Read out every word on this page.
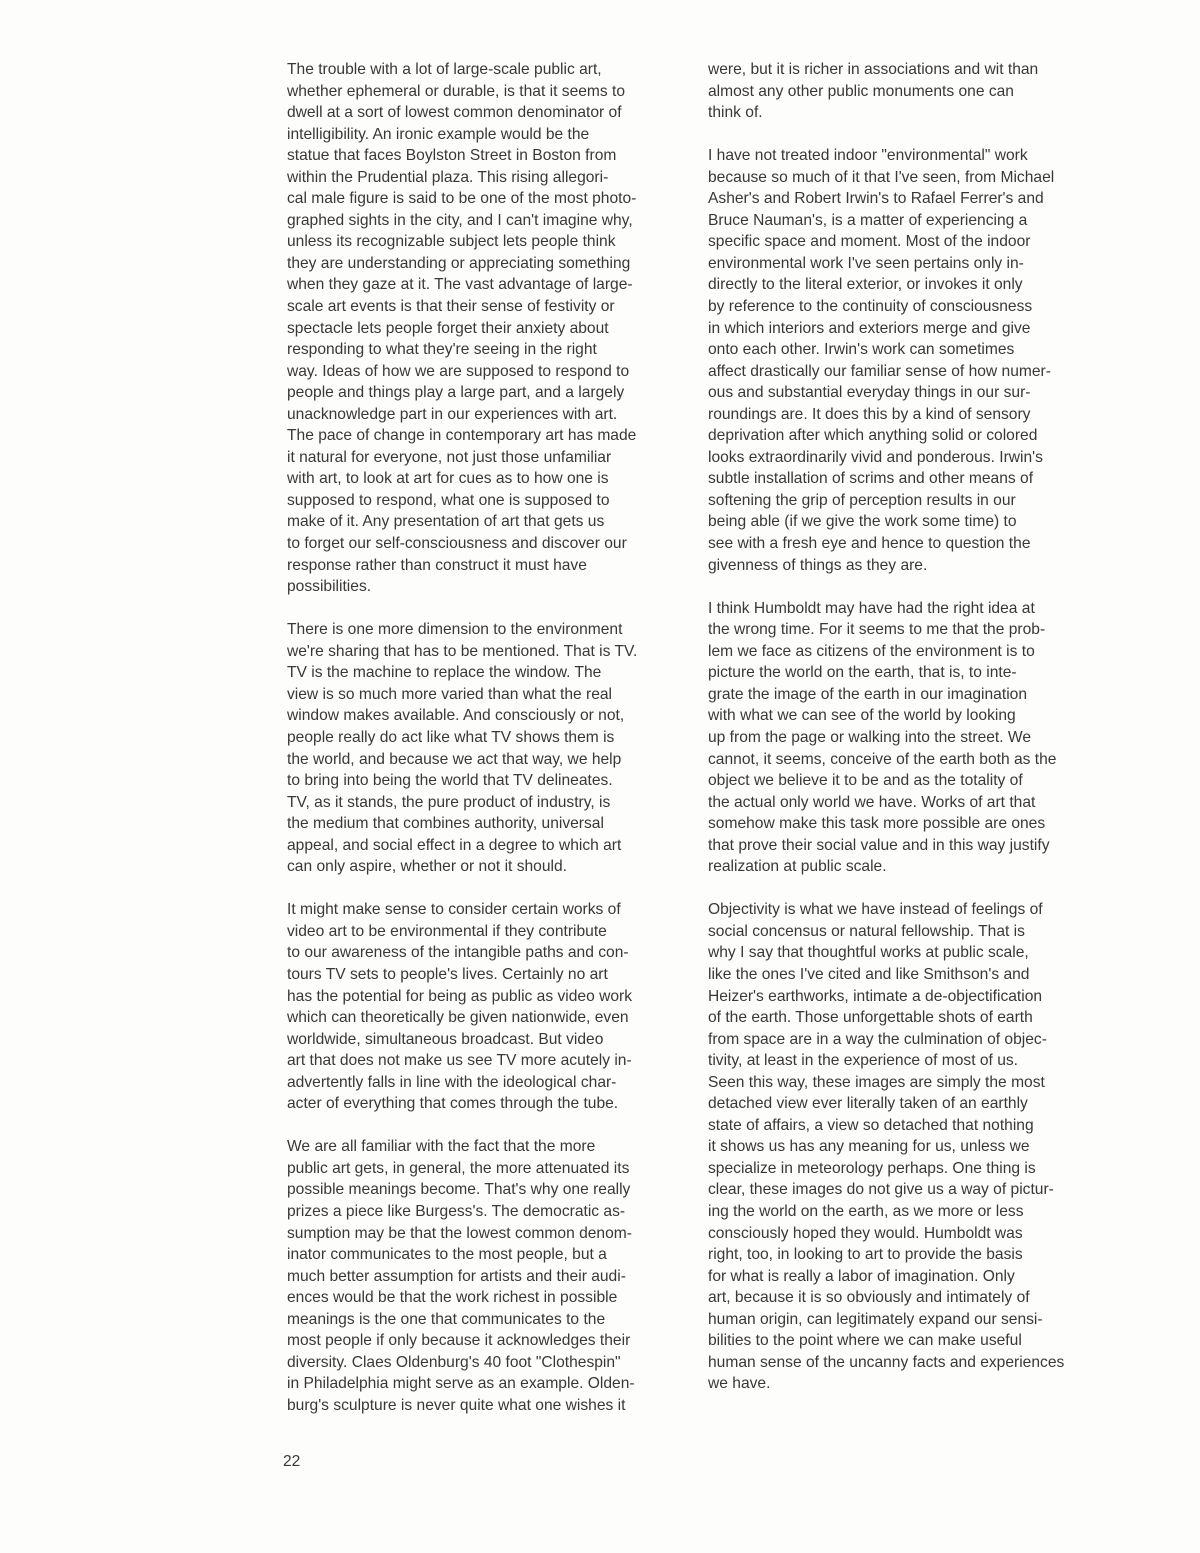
The trouble with a lot of large-scale public art,
whether ephemeral or durable, is that it seems to
dwell at a sort of lowest common denominator of
intelligibility. An ironic example would be the
statue that faces Boylston Street in Boston from
within the Prudential plaza. This rising allegori-
cal male figure is said to be one of the most photo-
graphed sights in the city, and I can't imagine why,
unless its recognizable subject lets people think
they are understanding or appreciating something
when they gaze at it. The vast advantage of large-
scale art events is that their sense of festivity or
spectacle lets people forget their anxiety about
responding to what they're seeing in the right
way. Ideas of how we are supposed to respond to
people and things play a large part, and a largely
unacknowledge part in our experiences with art.
The pace of change in contemporary art has made
it natural for everyone, not just those unfamiliar
with art, to look at art for cues as to how one is
supposed to respond, what one is supposed to
make of it. Any presentation of art that gets us
to forget our self-consciousness and discover our
response rather than construct it must have
possibilities.
There is one more dimension to the environment
we're sharing that has to be mentioned. That is TV.
TV is the machine to replace the window. The
view is so much more varied than what the real
window makes available. And consciously or not,
people really do act like what TV shows them is
the world, and because we act that way, we help
to bring into being the world that TV delineates.
TV, as it stands, the pure product of industry, is
the medium that combines authority, universal
appeal, and social effect in a degree to which art
can only aspire, whether or not it should.
It might make sense to consider certain works of
video art to be environmental if they contribute
to our awareness of the intangible paths and con-
tours TV sets to people's lives. Certainly no art
has the potential for being as public as video work
which can theoretically be given nationwide, even
worldwide, simultaneous broadcast. But video
art that does not make us see TV more acutely in-
advertently falls in line with the ideological char-
acter of everything that comes through the tube.
We are all familiar with the fact that the more
public art gets, in general, the more attenuated its
possible meanings become. That's why one really
prizes a piece like Burgess's. The democratic as-
sumption may be that the lowest common denom-
inator communicates to the most people, but a
much better assumption for artists and their audi-
ences would be that the work richest in possible
meanings is the one that communicates to the
most people if only because it acknowledges their
diversity. Claes Oldenburg's 40 foot "Clothespin"
in Philadelphia might serve as an example. Olden-
burg's sculpture is never quite what one wishes it
were, but it is richer in associations and wit than
almost any other public monuments one can
think of.
I have not treated indoor "environmental" work
because so much of it that I've seen, from Michael
Asher's and Robert Irwin's to Rafael Ferrer's and
Bruce Nauman's, is a matter of experiencing a
specific space and moment. Most of the indoor
environmental work I've seen pertains only in-
directly to the literal exterior, or invokes it only
by reference to the continuity of consciousness
in which interiors and exteriors merge and give
onto each other. Irwin's work can sometimes
affect drastically our familiar sense of how numer-
ous and substantial everyday things in our sur-
roundings are. It does this by a kind of sensory
deprivation after which anything solid or colored
looks extraordinarily vivid and ponderous. Irwin's
subtle installation of scrims and other means of
softening the grip of perception results in our
being able (if we give the work some time) to
see with a fresh eye and hence to question the
givenness of things as they are.
I think Humboldt may have had the right idea at
the wrong time. For it seems to me that the prob-
lem we face as citizens of the environment is to
picture the world on the earth, that is, to inte-
grate the image of the earth in our imagination
with what we can see of the world by looking
up from the page or walking into the street. We
cannot, it seems, conceive of the earth both as the
object we believe it to be and as the totality of
the actual only world we have. Works of art that
somehow make this task more possible are ones
that prove their social value and in this way justify
realization at public scale.
Objectivity is what we have instead of feelings of
social concensus or natural fellowship. That is
why I say that thoughtful works at public scale,
like the ones I've cited and like Smithson's and
Heizer's earthworks, intimate a de-objectification
of the earth. Those unforgettable shots of earth
from space are in a way the culmination of objec-
tivity, at least in the experience of most of us.
Seen this way, these images are simply the most
detached view ever literally taken of an earthly
state of affairs, a view so detached that nothing
it shows us has any meaning for us, unless we
specialize in meteorology perhaps. One thing is
clear, these images do not give us a way of pictur-
ing the world on the earth, as we more or less
consciously hoped they would. Humboldt was
right, too, in looking to art to provide the basis
for what is really a labor of imagination. Only
art, because it is so obviously and intimately of
human origin, can legitimately expand our sensi-
bilities to the point where we can make useful
human sense of the uncanny facts and experiences
we have.
22
